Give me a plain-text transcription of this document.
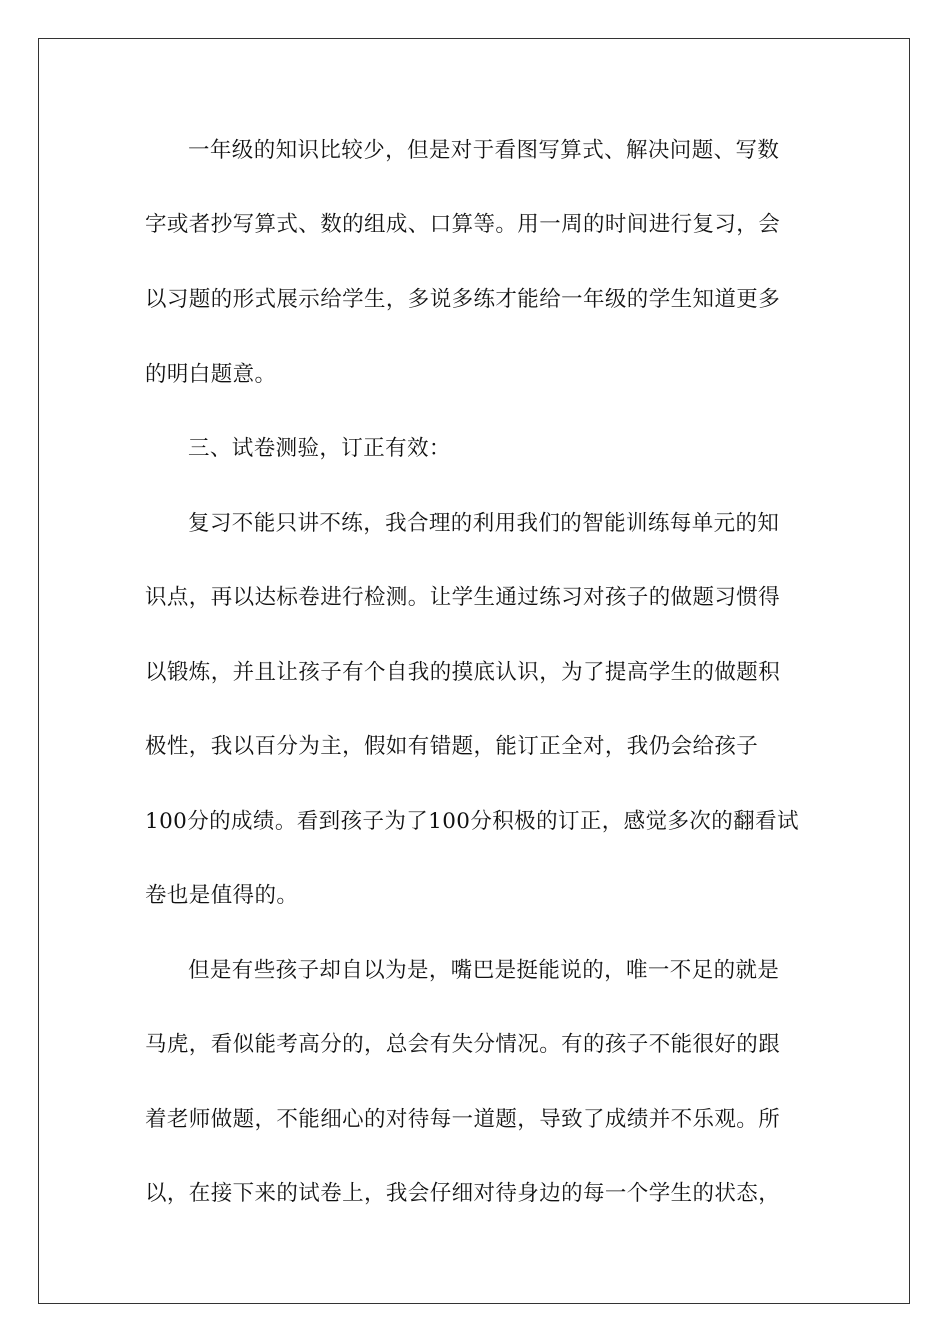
一年级的知识比较少，但是对于看图写算式、解决问题、写数
字或者抄写算式、数的组成、口算等。用一周的时间进行复习，会
以习题的形式展示给学生，多说多练才能给一年级的学生知道更多
的明白题意。
三、试卷测验，订正有效：
复习不能只讲不练，我合理的利用我们的智能训练每单元的知
识点，再以达标卷进行检测。让学生通过练习对孩子的做题习惯得
以锻炼，并且让孩子有个自我的摸底认识，为了提高学生的做题积
极性，我以百分为主，假如有错题，能订正全对，我仍会给孩子
100分的成绩。看到孩子为了100分积极的订正，感觉多次的翻看试
卷也是值得的。
但是有些孩子却自以为是，嘴巴是挺能说的，唯一不足的就是
马虎，看似能考高分的，总会有失分情况。有的孩子不能很好的跟
着老师做题，不能细心的对待每一道题，导致了成绩并不乐观。所
以，在接下来的试卷上，我会仔细对待身边的每一个学生的状态，
